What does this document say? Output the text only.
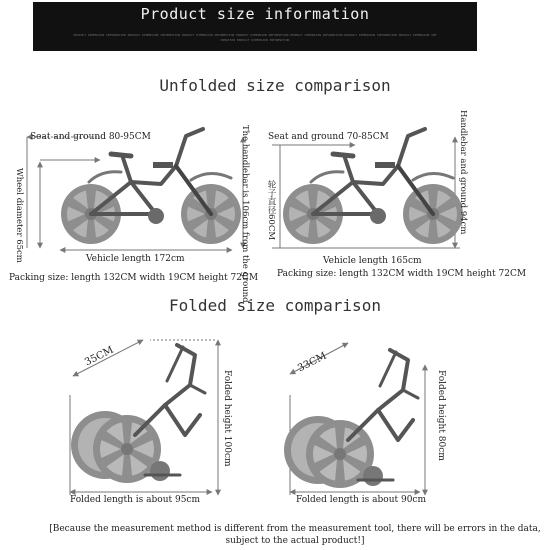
Product size information
PRODUCT DIMENSION INFORMATION PRODUCT DIMENSION INFORMATION PRODUCT DIMENSION INFORMATION PRODUCT DIMENSION INFORMATION PRODUCT DIMENSION INFORMATION PRODUCT DIMENSION INFORMATION PRODUCT DIMENSION INFORMATION PRODUCT DIMENSION INFORMATION
Unfolded size comparison
Folded size comparison
Seat and ground 80-95CM	The handlebar is 106cm from the ground
Wheel diameter 65cm	Vehicle length 172cm
Packing size: length 132CM width 19CM height 72CM
Seat and ground 70-85CM	Handlebar and ground 94cm
轮子直径60CM
Vehicle length 165cm
Packing size: length 132CM width 19CM height 72CM
35CM
Folded height 100cm
Folded length is about 95cm
33CM
Folded height 80cm
Folded length is about 90cm
[Because the measurement method is different from the measurement tool, there will be errors in the data, subject to the actual product!]
